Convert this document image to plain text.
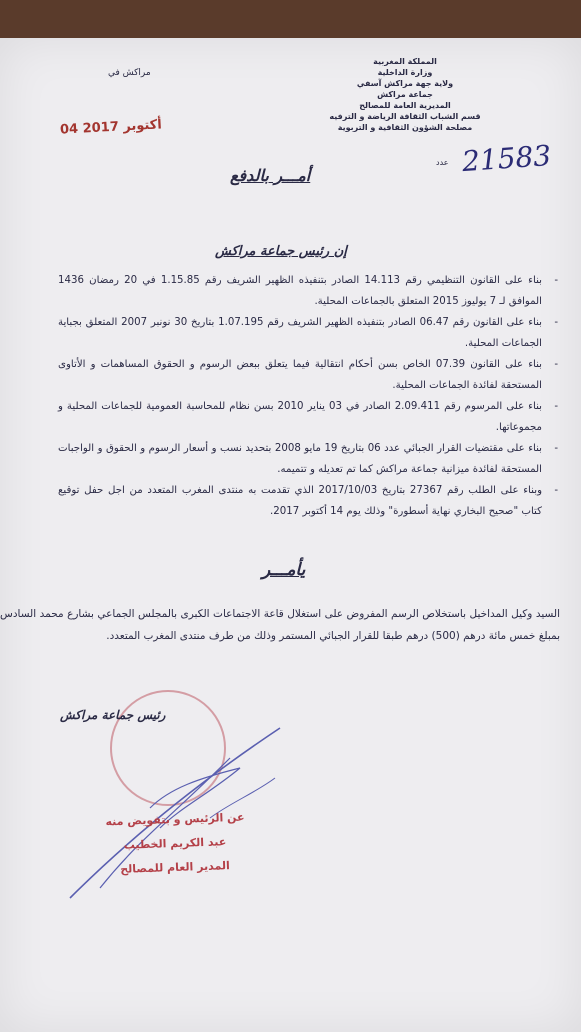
المملكة المغربية
وزارة الداخلية
ولاية جهة مراكش آسفي
جماعة مراكش
المديرية العامة للمصالح
قسم الشباب الثقافة الرياضة و الترفيه
مصلحة الشؤون الثقافية و التربوية
عدد 21583
مراكش في
04 أكتوبر 2017
أمـــر بالدفع
إن رئيس جماعة مراكش
-
بناء على القانون التنظيمي رقم 14.113 الصادر بتنفيذه الظهير الشريف رقم 1.15.85 في 20 رمضان 1436 الموافق لـ 7 يوليوز 2015 المتعلق بالجماعات المحلية.
-
بناء على القانون رقم 06.47 الصادر بتنفيذه الظهير الشريف رقم 1.07.195 بتاريخ 30 نونبر 2007 المتعلق بجباية الجماعات المحلية.
-
بناء على القانون 07.39 الخاص بسن أحكام انتقالية فيما يتعلق ببعض الرسوم و الحقوق المساهمات و الأتاوى المستحقة لفائدة الجماعات المحلية.
-
بناء على المرسوم رقم 2.09.411 الصادر في 03 يناير 2010 بسن نظام للمحاسبة العمومية للجماعات المحلية و مجموعاتها.
-
بناء على مقتضيات القرار الجبائي عدد 06 بتاريخ 19 مايو 2008 بتحديد نسب و أسعار الرسوم و الحقوق و الواجبات المستحقة لفائدة ميزانية جماعة مراكش كما تم تعديله و تتميمه.
-
وبناء على الطلب رقم 27367 بتاريخ 2017/10/03 الذي تقدمت به منتدى المغرب المتعدد من اجل حفل توقيع كتاب "صحيح البخاري نهاية أسطورة" وذلك يوم 14 أكتوبر 2017.
يأمـــر
السيد وكيل المداخيل باستخلاص الرسم المفروض على استغلال قاعة الاجتماعات الكبرى بالمجلس الجماعي بشارع محمد السادس بمبلغ خمس مائة درهم (500) درهم طبقا للقرار الجبائي المستمر وذلك من طرف منتدى المغرب المتعدد.
رئيس جماعة مراكش
عن الرئيس و بتفويض منه
عبد الكريم الخطيب
المدير العام للمصالح
